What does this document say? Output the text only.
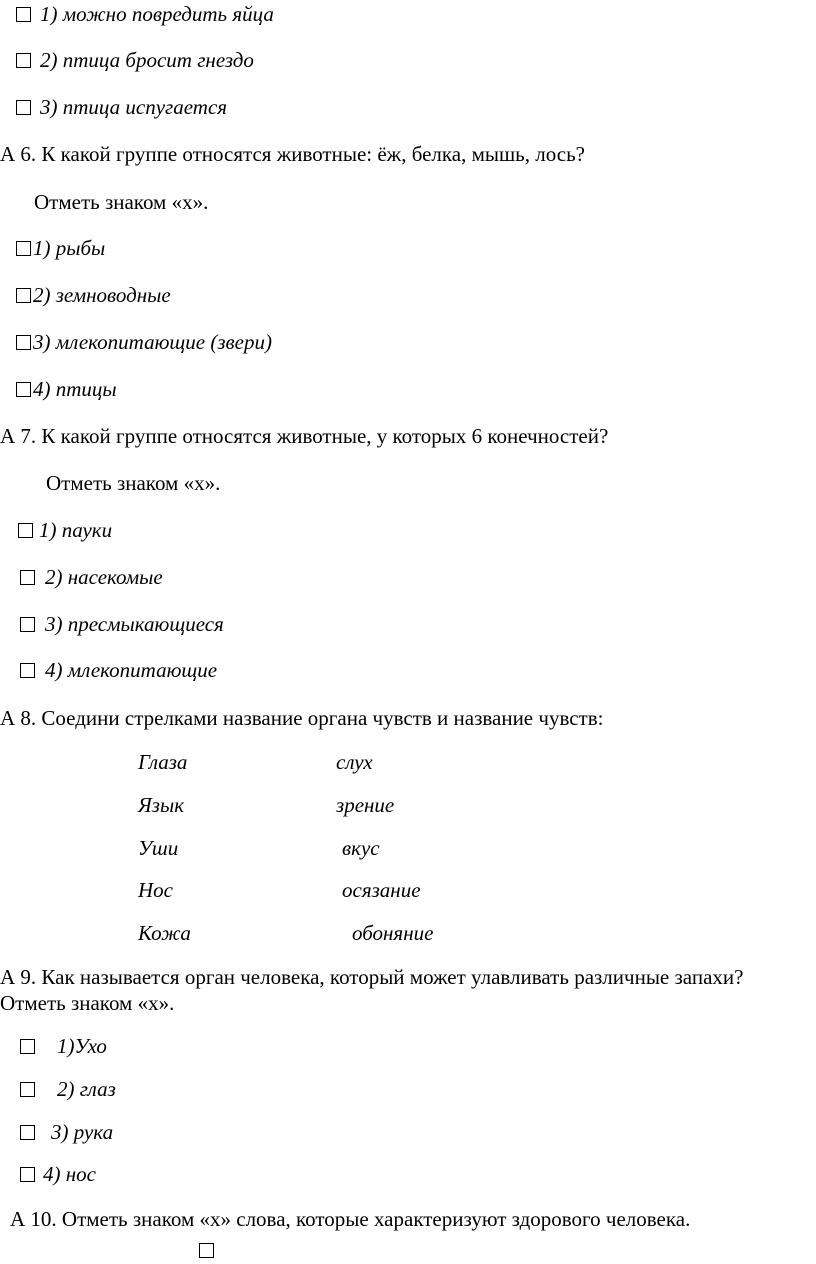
1) можно повредить яйца
2) птица бросит гнездо
3) птица испугается
А 6. К какой группе относятся животные: ёж, белка, мышь, лось?
Отметь знаком «х».
1) рыбы
2) земноводные
3) млекопитающие (звери)
4) птицы
А 7. К какой группе относятся животные, у которых 6 конечностей?
Отметь знаком «х».
1) пауки
2) насекомые
3) пресмыкающиеся
4) млекопитающие
А 8. Соедини стрелками название органа чувств и название чувств:
Глаза	слух
Язык	зрение
Уши	вкус
Нос	осязание
Кожа	обоняние
А 9. Как называется орган человека, который может улавливать различные запахи?
Отметь знаком «х».
1)Ухо
2) глаз
3) рука
4) нос
А 10. Отметь знаком «х» слова, которые характеризуют здорового человека.
